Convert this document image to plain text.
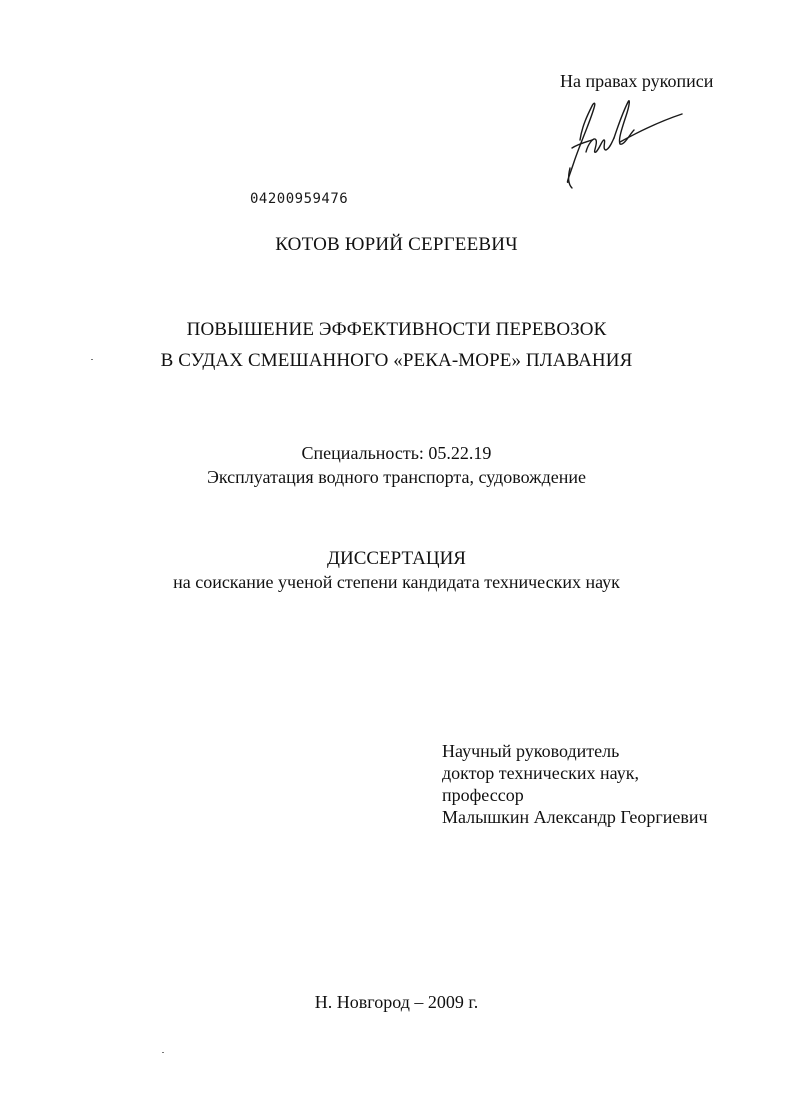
На правах рукописи
04200959476
КОТОВ ЮРИЙ СЕРГЕЕВИЧ
ПОВЫШЕНИЕ ЭФФЕКТИВНОСТИ ПЕРЕВОЗОК
В СУДАХ СМЕШАННОГО «РЕКА-МОРЕ» ПЛАВАНИЯ
Специальность: 05.22.19
Эксплуатация водного транспорта, судовождение
ДИССЕРТАЦИЯ
на соискание ученой степени кандидата технических наук
Научный руководитель
доктор технических наук,
профессор
Малышкин Александр Георгиевич
Н. Новгород – 2009 г.
